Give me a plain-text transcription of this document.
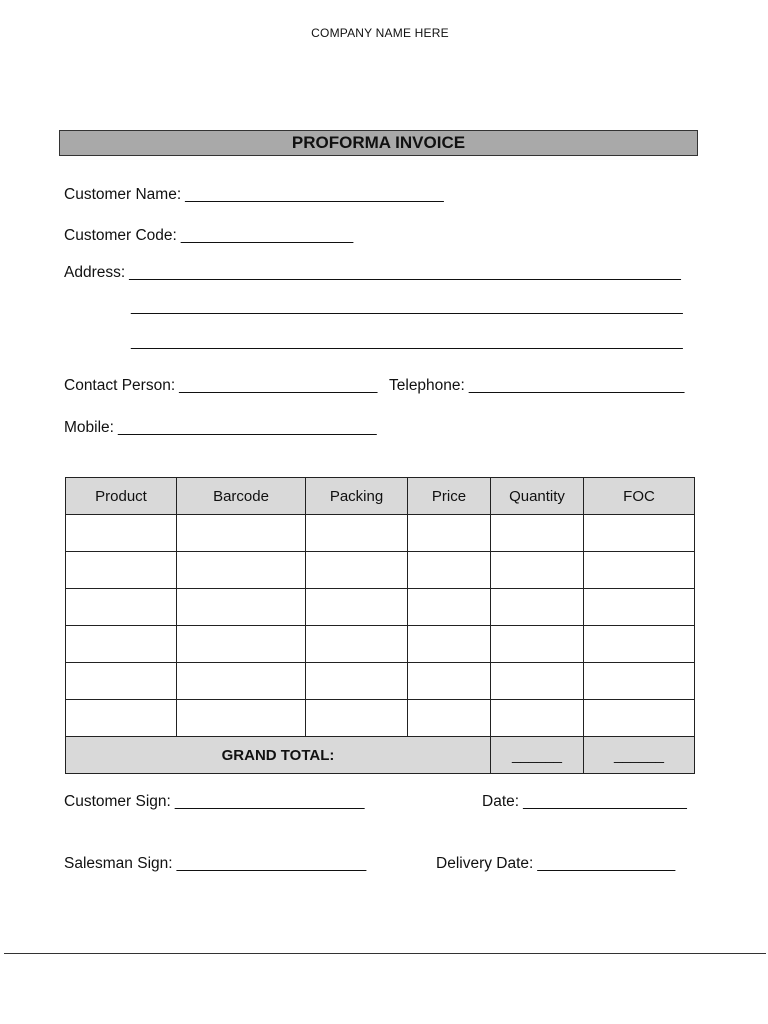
COMPANY NAME HERE
PROFORMA INVOICE
Customer Name: ______________________________
Customer Code: ____________________
Address: ________________________________________________________________
________________________________________________________________
________________________________________________________________
Contact Person: _______________________ Telephone: _________________________
Mobile: ______________________________
Product	Barcode	Packing	Price	Quantity	FOC

GRAND TOTAL:				______	______
Customer Sign: ______________________	Date: ___________________
Salesman Sign: ______________________	Delivery Date: ________________
